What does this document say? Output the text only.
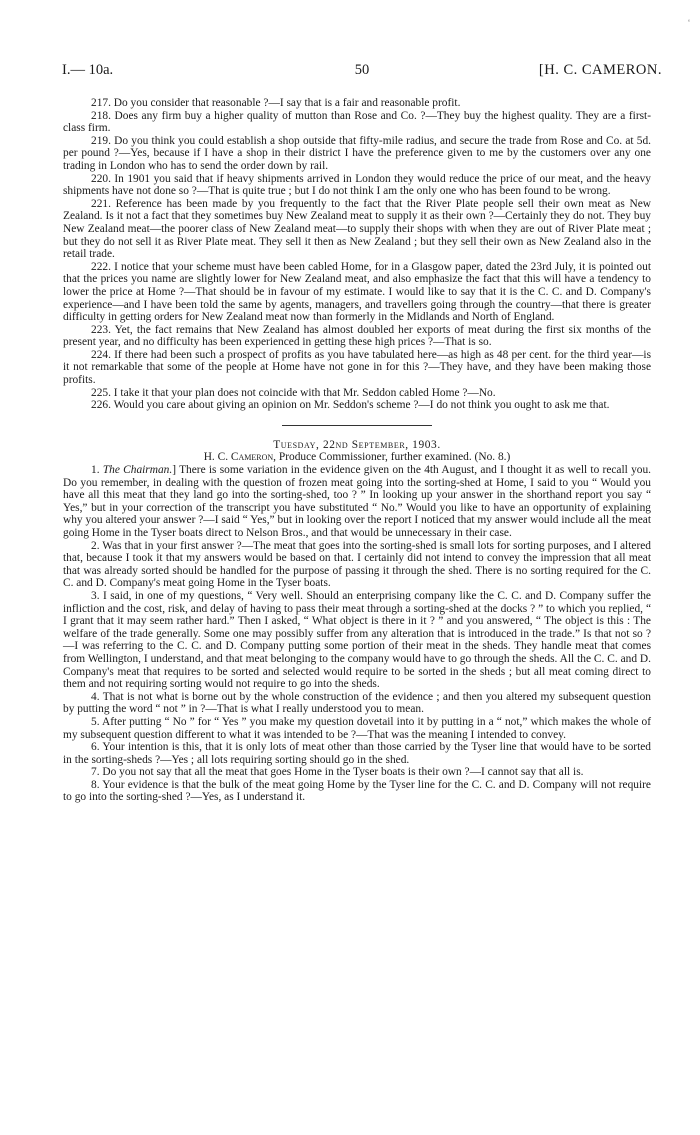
‘
I.— 10a.	50	[H. C. CAMERON.

217. Do you consider that reasonable ?—I say that is a fair and reasonable profit.

218. Does any firm buy a higher quality of mutton than Rose and Co. ?—They buy the highest quality. They are a first-class firm.

219. Do you think you could establish a shop outside that fifty-mile radius, and secure the trade from Rose and Co. at 5d. per pound ?—Yes, because if I have a shop in their district I have the preference given to me by the customers over any one trading in London who has to send the order down by rail.

220. In 1901 you said that if heavy shipments arrived in London they would reduce the price of our meat, and the heavy shipments have not done so ?—That is quite true ; but I do not think I am the only one who has been found to be wrong.

221. Reference has been made by you frequently to the fact that the River Plate people sell their own meat as New Zealand. Is it not a fact that they sometimes buy New Zealand meat to supply it as their own ?—Certainly they do not. They buy New Zealand meat—the poorer class of New Zealand meat—to supply their shops with when they are out of River Plate meat ; but they do not sell it as River Plate meat. They sell it then as New Zealand ; but they sell their own as New Zealand also in the retail trade.

222. I notice that your scheme must have been cabled Home, for in a Glasgow paper, dated the 23rd July, it is pointed out that the prices you name are slightly lower for New Zealand meat, and also emphasize the fact that this will have a tendency to lower the price at Home ?—That should be in favour of my estimate. I would like to say that it is the C. C. and D. Company's experience—and I have been told the same by agents, managers, and travellers going through the country—that there is greater difficulty in getting orders for New Zealand meat now than formerly in the Midlands and North of England.

223. Yet, the fact remains that New Zealand has almost doubled her exports of meat during the first six months of the present year, and no difficulty has been experienced in getting these high prices ?—That is so.

224. If there had been such a prospect of profits as you have tabulated here—as high as 48 per cent. for the third year—is it not remarkable that some of the people at Home have not gone in for this ?—They have, and they have been making those profits.

225. I take it that your plan does not coincide with that Mr. Seddon cabled Home ?—No.

226. Would you care about giving an opinion on Mr. Seddon's scheme ?—I do not think you ought to ask me that.

Tuesday, 22nd September, 1903.

H. C. Cameron, Produce Commissioner, further examined. (No. 8.)

1. The Chairman.] There is some variation in the evidence given on the 4th August, and I thought it as well to recall you. Do you remember, in dealing with the question of frozen meat going into the sorting-shed at Home, I said to you “ Would you have all this meat that they land go into the sorting-shed, too ? ” In looking up your answer in the shorthand report you say “ Yes,” but in your correction of the transcript you have substituted “ No.” Would you like to have an opportunity of explaining why you altered your answer ?—I said “ Yes,” but in looking over the report I noticed that my answer would include all the meat going Home in the Tyser boats direct to Nelson Bros., and that would be unnecessary in their case.

2. Was that in your first answer ?—The meat that goes into the sorting-shed is small lots for sorting purposes, and I altered that, because I took it that my answers would be based on that. I certainly did not intend to convey the impression that all meat that was already sorted should be handled for the purpose of passing it through the shed. There is no sorting required for the C. C. and D. Company's meat going Home in the Tyser boats.

3. I said, in one of my questions, “ Very well. Should an enterprising company like the C. C. and D. Company suffer the infliction and the cost, risk, and delay of having to pass their meat through a sorting-shed at the docks ? ” to which you replied, “ I grant that it may seem rather hard.” Then I asked, “ What object is there in it ? ” and you answered, “ The object is this : The welfare of the trade generally. Some one may possibly suffer from any alteration that is introduced in the trade.” Is that not so ?—I was referring to the C. C. and D. Company putting some portion of their meat in the sheds. They handle meat that comes from Wellington, I understand, and that meat belonging to the company would have to go through the sheds. All the C. C. and D. Company's meat that requires to be sorted and selected would require to be sorted in the sheds ; but all meat coming direct to them and not requiring sorting would not require to go into the sheds.

4. That is not what is borne out by the whole construction of the evidence ; and then you altered my subsequent question by putting the word “ not ” in ?—That is what I really understood you to mean.

5. After putting “ No ” for “ Yes ” you make my question dovetail into it by putting in a “ not,” which makes the whole of my subsequent question different to what it was intended to be ?—That was the meaning I intended to convey.

6. Your intention is this, that it is only lots of meat other than those carried by the Tyser line that would have to be sorted in the sorting-sheds ?—Yes ; all lots requiring sorting should go in the shed.

7. Do you not say that all the meat that goes Home in the Tyser boats is their own ?—I cannot say that all is.

8. Your evidence is that the bulk of the meat going Home by the Tyser line for the C. C. and D. Company will not require to go into the sorting-shed ?—Yes, as I understand it.
